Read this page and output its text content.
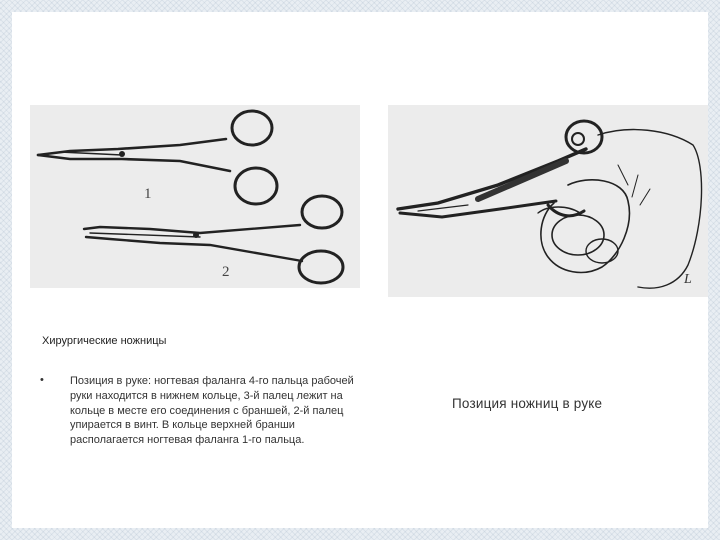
1
2	L
Хирургические ножницы
• Позиция в руке: ногтевая фаланга 4-го пальца рабочей руки находится в нижнем кольце, 3-й палец лежит на кольце в месте его соединения с браншей, 2-й палец упирается в винт. В кольце верхней бранши располагается ногтевая фаланга 1-го пальца.
Позиция ножниц в руке
